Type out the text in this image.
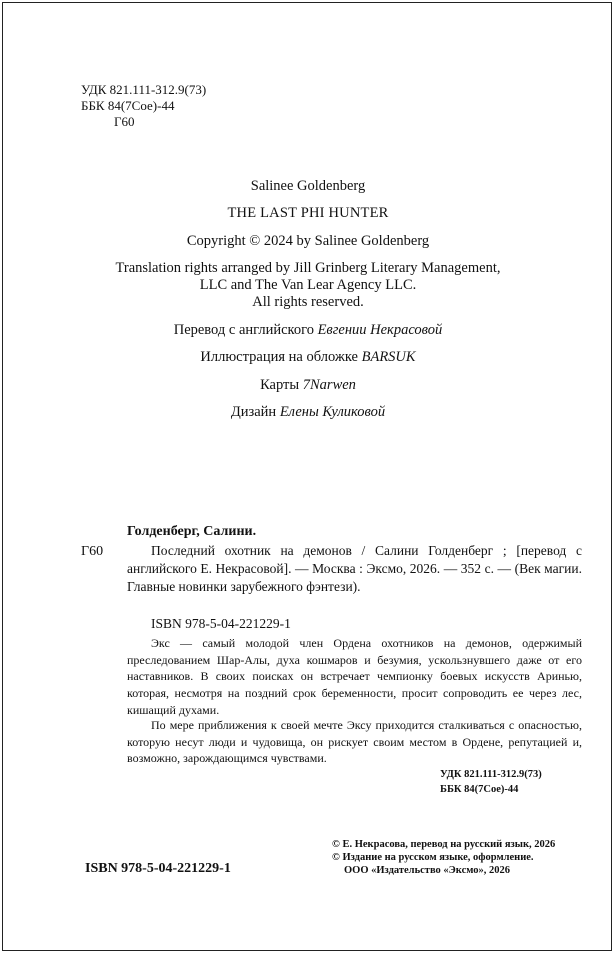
УДК 821.111-312.9(73)
ББК 84(7Сое)-44
Г60
Salinee Goldenberg
THE LAST PHI HUNTER
Copyright © 2024 by Salinee Goldenberg
Translation rights arranged by Jill Grinberg Literary Management,
LLC and The Van Lear Agency LLC.
All rights reserved.
Перевод с английского Евгении Некрасовой
Иллюстрация на обложке BARSUK
Карты 7Narwen
Дизайн Елены Куликовой
Голденберг, Салини.
Г60	Последний охотник на демонов / Салини Голденберг ; [перевод с английского Е. Некрасовой]. — Москва : Эксмо, 2026. — 352 с. — (Век магии. Главные новинки зарубежного фэнтези).

ISBN 978-5-04-221229-1

Экс — самый молодой член Ордена охотников на демонов, одержимый преследованием Шар-Алы, духа кошмаров и безумия, ускользнувшего даже от его наставников. В своих поисках он встречает чемпионку боевых искусств Аринью, которая, несмотря на поздний срок беременности, просит сопроводить ее через лес, кишащий духами.

По мере приближения к своей мечте Эксу приходится сталкиваться с опасностью, которую несут люди и чудовища, он рискует своим местом в Ордене, репутацией и, возможно, зарождающимся чувствами.

УДК 821.111-312.9(73)
ББК 84(7Сое)-44
© Е. Некрасова, перевод на русский язык, 2026
© Издание на русском языке, оформление.
ООО «Издательство «Эксмо», 2026
ISBN 978-5-04-221229-1
